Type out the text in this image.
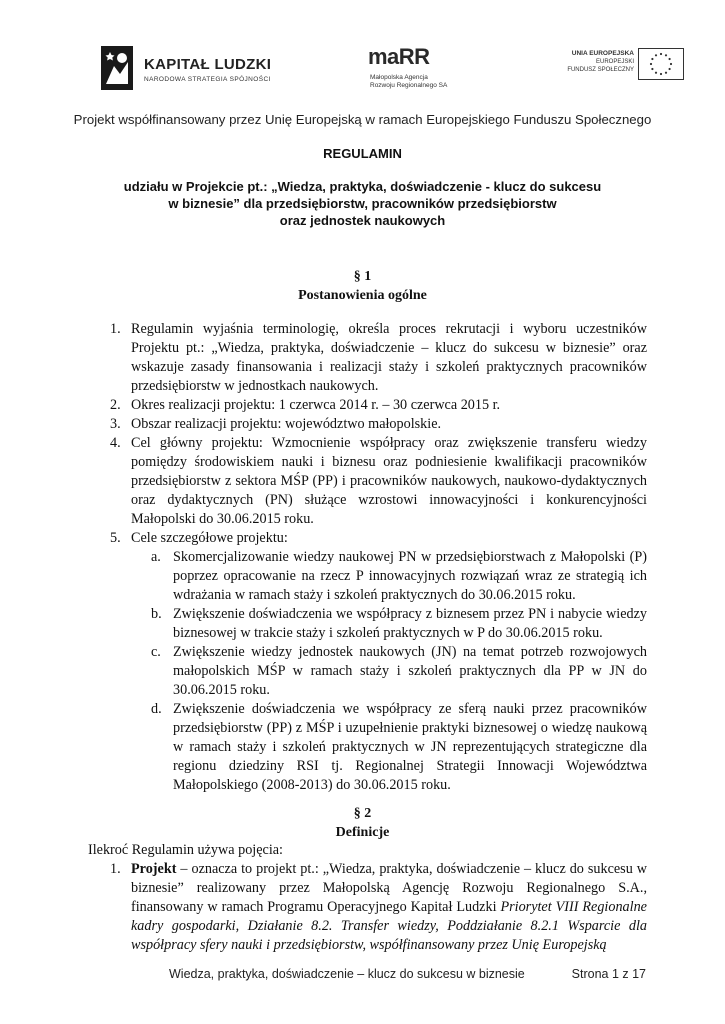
KAPITAŁ LUDZKI
NARODOWA STRATEGIA SPÓJNOŚCI
maRR
Małopolska Agencja
Rozwoju Regionalnego SA
UNIA EUROPEJSKA
EUROPEJSKI
FUNDUSZ SPOŁECZNY
Projekt współfinansowany przez Unię Europejską w ramach Europejskiego Funduszu Społecznego
REGULAMIN
udziału w Projekcie pt.: „Wiedza, praktyka, doświadczenie - klucz do sukcesu
w biznesie” dla przedsiębiorstw, pracowników przedsiębiorstw
oraz jednostek naukowych
§ 1
Postanowienia ogólne
1. Regulamin wyjaśnia terminologię, określa proces rekrutacji i wyboru uczestników Projektu pt.: „Wiedza, praktyka, doświadczenie – klucz do sukcesu w biznesie” oraz wskazuje zasady finansowania i realizacji staży i szkoleń praktycznych pracowników przedsiębiorstw w jednostkach naukowych.
2. Okres realizacji projektu: 1 czerwca 2014 r. – 30 czerwca 2015 r.
3. Obszar realizacji projektu: województwo małopolskie.
4. Cel główny projektu: Wzmocnienie współpracy oraz zwiększenie transferu wiedzy pomiędzy środowiskiem nauki i biznesu oraz podniesienie kwalifikacji pracowników przedsiębiorstw z sektora MŚP (PP) i pracowników naukowych, naukowo-dydaktycznych oraz dydaktycznych (PN) służące wzrostowi innowacyjności i konkurencyjności Małopolski do 30.06.2015 roku.
5. Cele szczegółowe projektu:
a. Skomercjalizowanie wiedzy naukowej PN w przedsiębiorstwach z Małopolski (P) poprzez opracowanie na rzecz P innowacyjnych rozwiązań wraz ze strategią ich wdrażania w ramach staży i szkoleń praktycznych do 30.06.2015 roku.
b. Zwiększenie doświadczenia we współpracy z biznesem przez PN i nabycie wiedzy biznesowej w trakcie staży i szkoleń praktycznych w P do 30.06.2015 roku.
c. Zwiększenie wiedzy jednostek naukowych (JN) na temat potrzeb rozwojowych małopolskich MŚP w ramach staży i szkoleń praktycznych dla PP w JN do 30.06.2015 roku.
d. Zwiększenie doświadczenia we współpracy ze sferą nauki przez pracowników przedsiębiorstw (PP) z MŚP i uzupełnienie praktyki biznesowej o wiedzę naukową w ramach staży i szkoleń praktycznych w JN reprezentujących strategiczne dla regionu dziedziny RSI tj. Regionalnej Strategii Innowacji Województwa Małopolskiego (2008-2013) do 30.06.2015 roku.
§ 2
Definicje
Ilekroć Regulamin używa pojęcia:
1. Projekt – oznacza to projekt pt.: „Wiedza, praktyka, doświadczenie – klucz do sukcesu w biznesie” realizowany przez Małopolską Agencję Rozwoju Regionalnego S.A., finansowany w ramach Programu Operacyjnego Kapitał Ludzki Priorytet VIII Regionalne kadry gospodarki, Działanie 8.2. Transfer wiedzy, Poddziałanie 8.2.1 Wsparcie dla współpracy sfery nauki i przedsiębiorstw, współfinansowany przez Unię Europejską
Wiedza, praktyka, doświadczenie – klucz do sukcesu w biznesie	Strona 1 z 17
